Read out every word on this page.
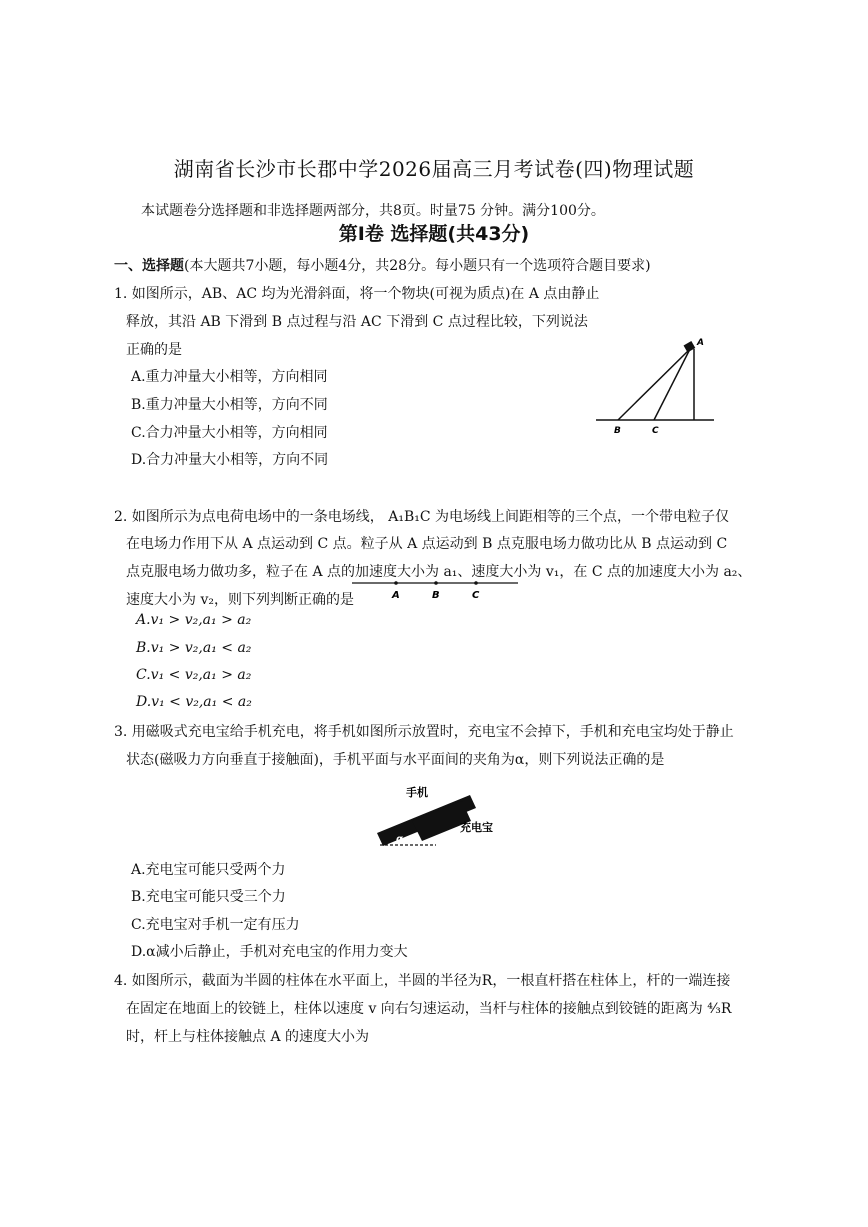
湖南省长沙市长郡中学2026届高三月考试卷(四)物理试题
本试题卷分选择题和非选择题两部分，共8页。时量75 分钟。满分100分。
第Ⅰ卷 选择题(共43分)
一、选择题(本大题共7小题，每小题4分，共28分。每小题只有一个选项符合题目要求)
1. 如图所示，AB、AC 均为光滑斜面，将一个物块(可视为质点)在 A 点由静止
释放，其沿 AB 下滑到 B 点过程与沿 AC 下滑到 C 点过程比较，下列说法
正确的是
A.重力冲量大小相等，方向相同
B.重力冲量大小相等，方向不同
C.合力冲量大小相等，方向相同
D.合力冲量大小相等，方向不同
A
B	C
2. 如图所示为点电荷电场中的一条电场线， A₁B₁C 为电场线上间距相等的三个点，一个带电粒子仅
在电场力作用下从 A 点运动到 C 点。粒子从 A 点运动到 B 点克服电场力做功比从 B 点运动到 C
点克服电场力做功多，粒子在 A 点的加速度大小为 a₁、速度大小为 v₁，在 C 点的加速度大小为 a₂、
速度大小为 v₂，则下列判断正确的是	A	B	C
A.v₁ > v₂,a₁ > a₂
B.v₁ > v₂,a₁ < a₂
C.v₁ < v₂,a₁ > a₂
D.v₁ < v₂,a₁ < a₂
3. 用磁吸式充电宝给手机充电，将手机如图所示放置时，充电宝不会掉下，手机和充电宝均处于静止
状态(磁吸力方向垂直于接触面)，手机平面与水平面间的夹角为α，则下列说法正确的是
手机
充电宝
α
A.充电宝可能只受两个力
B.充电宝可能只受三个力
C.充电宝对手机一定有压力
D.α减小后静止，手机对充电宝的作用力变大
4. 如图所示，截面为半圆的柱体在水平面上，半圆的半径为R，一根直杆搭在柱体上，杆的一端连接
在固定在地面上的铰链上，柱体以速度 v 向右匀速运动，当杆与柱体的接触点到铰链的距离为 ⁴⁄₃R
时，杆上与柱体接触点 A 的速度大小为
